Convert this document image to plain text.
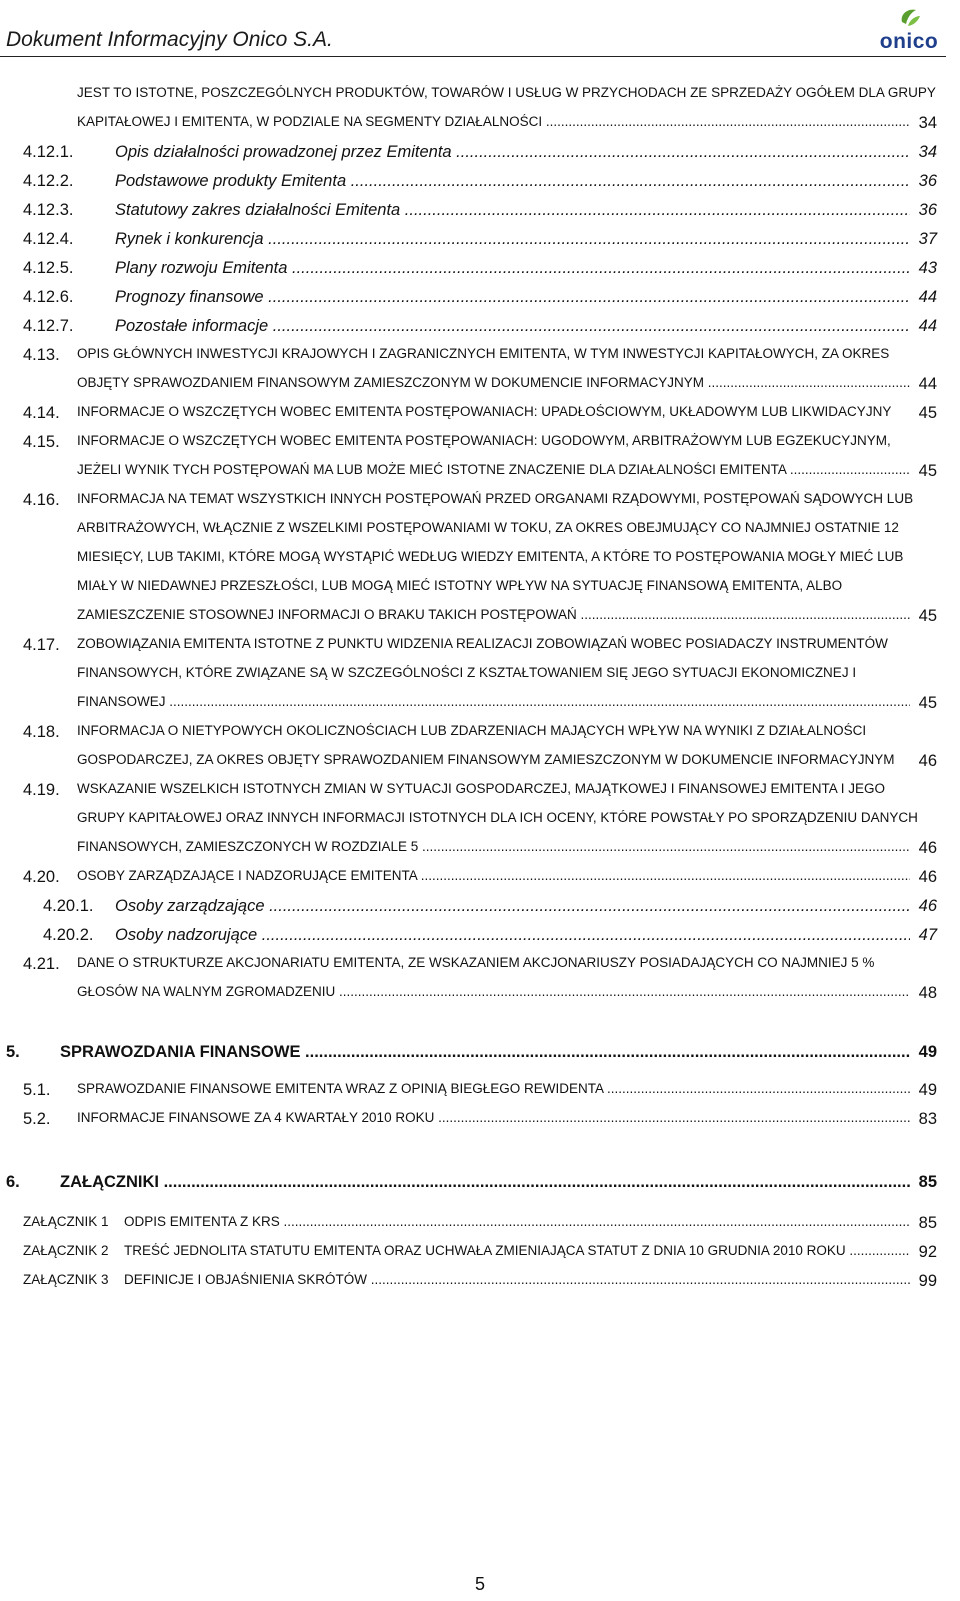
Dokument Informacyjny Onico S.A.	onico
JEST TO ISTOTNE, POSZCZEGÓLNYCH PRODUKTÓW, TOWARÓW I USŁUG W PRZYCHODACH ZE SPRZEDAŻY OGÓŁEM DLA GRUPY
KAPITAŁOWEJ I EMITENTA, W PODZIALE NA SEGMENTY DZIAŁALNOŚCI .....	34
4.12.1.	Opis działalności prowadzonej przez Emitenta .....	34
4.12.2.	Podstawowe produkty Emitenta .....	36
4.12.3.	Statutowy zakres działalności Emitenta .....	36
4.12.4.	Rynek i konkurencja .....	37
4.12.5.	Plany rozwoju Emitenta .....	43
4.12.6.	Prognozy finansowe .....	44
4.12.7.	Pozostałe informacje .....	44
4.13. OPIS GŁÓWNYCH INWESTYCJI KRAJOWYCH I ZAGRANICZNYCH EMITENTA, W TYM INWESTYCJI KAPITAŁOWYCH, ZA OKRES
OBJĘTY SPRAWOZDANIEM FINANSOWYM ZAMIESZCZONYM W DOKUMENCIE INFORMACYJNYM .....	44
4.14. INFORMACJE O WSZCZĘTYCH WOBEC EMITENTA POSTĘPOWANIACH: UPADŁOŚCIOWYM, UKŁADOWYM LUB LIKWIDACYJNY	45
4.15. INFORMACJE O WSZCZĘTYCH WOBEC EMITENTA POSTĘPOWANIACH: UGODOWYM, ARBITRAŻOWYM LUB EGZEKUCYJNYM,
JEŻELI WYNIK TYCH POSTĘPOWAŃ MA LUB MOŻE MIEĆ ISTOTNE ZNACZENIE DLA DZIAŁALNOŚCI EMITENTA .....	45
4.16. INFORMACJA NA TEMAT WSZYSTKICH INNYCH POSTĘPOWAŃ PRZED ORGANAMI RZĄDOWYMI, POSTĘPOWAŃ SĄDOWYCH LUB
ARBITRAŻOWYCH, WŁĄCZNIE Z WSZELKIMI POSTĘPOWANIAMI W TOKU, ZA OKRES OBEJMUJĄCY CO NAJMNIEJ OSTATNIE 12
MIESIĘCY, LUB TAKIMI, KTÓRE MOGĄ WYSTĄPIĆ WEDŁUG WIEDZY EMITENTA, A KTÓRE TO POSTĘPOWANIA MOGŁY MIEĆ LUB
MIAŁY W NIEDAWNEJ PRZESZŁOŚCI, LUB MOGĄ MIEĆ ISTOTNY WPŁYW NA SYTUACJĘ FINANSOWĄ EMITENTA, ALBO
ZAMIESZCZENIE STOSOWNEJ INFORMACJI O BRAKU TAKICH POSTĘPOWAŃ .....	45
4.17. ZOBOWIĄZANIA EMITENTA ISTOTNE Z PUNKTU WIDZENIA REALIZACJI ZOBOWIĄZAŃ WOBEC POSIADACZY INSTRUMENTÓW
FINANSOWYCH, KTÓRE ZWIĄZANE SĄ W SZCZEGÓLNOŚCI Z KSZTAŁTOWANIEM SIĘ JEGO SYTUACJI EKONOMICZNEJ I
FINANSOWEJ .....	45
4.18. INFORMACJA O NIETYPOWYCH OKOLICZNOŚCIACH LUB ZDARZENIACH MAJĄCYCH WPŁYW NA WYNIKI Z DZIAŁALNOŚCI
GOSPODARCZEJ, ZA OKRES OBJĘTY SPRAWOZDANIEM FINANSOWYM ZAMIESZCZONYM W DOKUMENCIE INFORMACYJNYM	46
4.19. WSKAZANIE WSZELKICH ISTOTNYCH ZMIAN W SYTUACJI GOSPODARCZEJ, MAJĄTKOWEJ I FINANSOWEJ EMITENTA I JEGO
GRUPY KAPITAŁOWEJ ORAZ INNYCH INFORMACJI ISTOTNYCH DLA ICH OCENY, KTÓRE POWSTAŁY PO SPORZĄDZENIU DANYCH
FINANSOWYCH, ZAMIESZCZONYCH W ROZDZIALE 5 .....	46
4.20. OSOBY ZARZĄDZAJĄCE I NADZORUJĄCE EMITENTA .....	46
4.20.1. Osoby zarządzające .....	46
4.20.2. Osoby nadzorujące .....	47
4.21. DANE O STRUKTURZE AKCJONARIATU EMITENTA, ZE WSKAZANIEM AKCJONARIUSZY POSIADAJĄCYCH CO NAJMNIEJ 5 %
GŁOSÓW NA WALNYM ZGROMADZENIU .....	48
5. SPRAWOZDANIA FINANSOWE .....	49
5.1. SPRAWOZDANIE FINANSOWE EMITENTA WRAZ Z OPINIĄ BIEGŁEGO REWIDENTA .....	49
5.2. INFORMACJE FINANSOWE ZA 4 KWARTAŁY 2010 ROKU .....	83
6. ZAŁĄCZNIKI .....	85
ZAŁĄCZNIK 1 ODPIS EMITENTA Z KRS .....	85
ZAŁĄCZNIK 2 TREŚĆ JEDNOLITA STATUTU EMITENTA ORAZ UCHWAŁA ZMIENIAJĄCA STATUT Z DNIA 10 GRUDNIA 2010 ROKU .....	92
ZAŁĄCZNIK 3 DEFINICJE I OBJAŚNIENIA SKRÓTÓW .....	99
5
